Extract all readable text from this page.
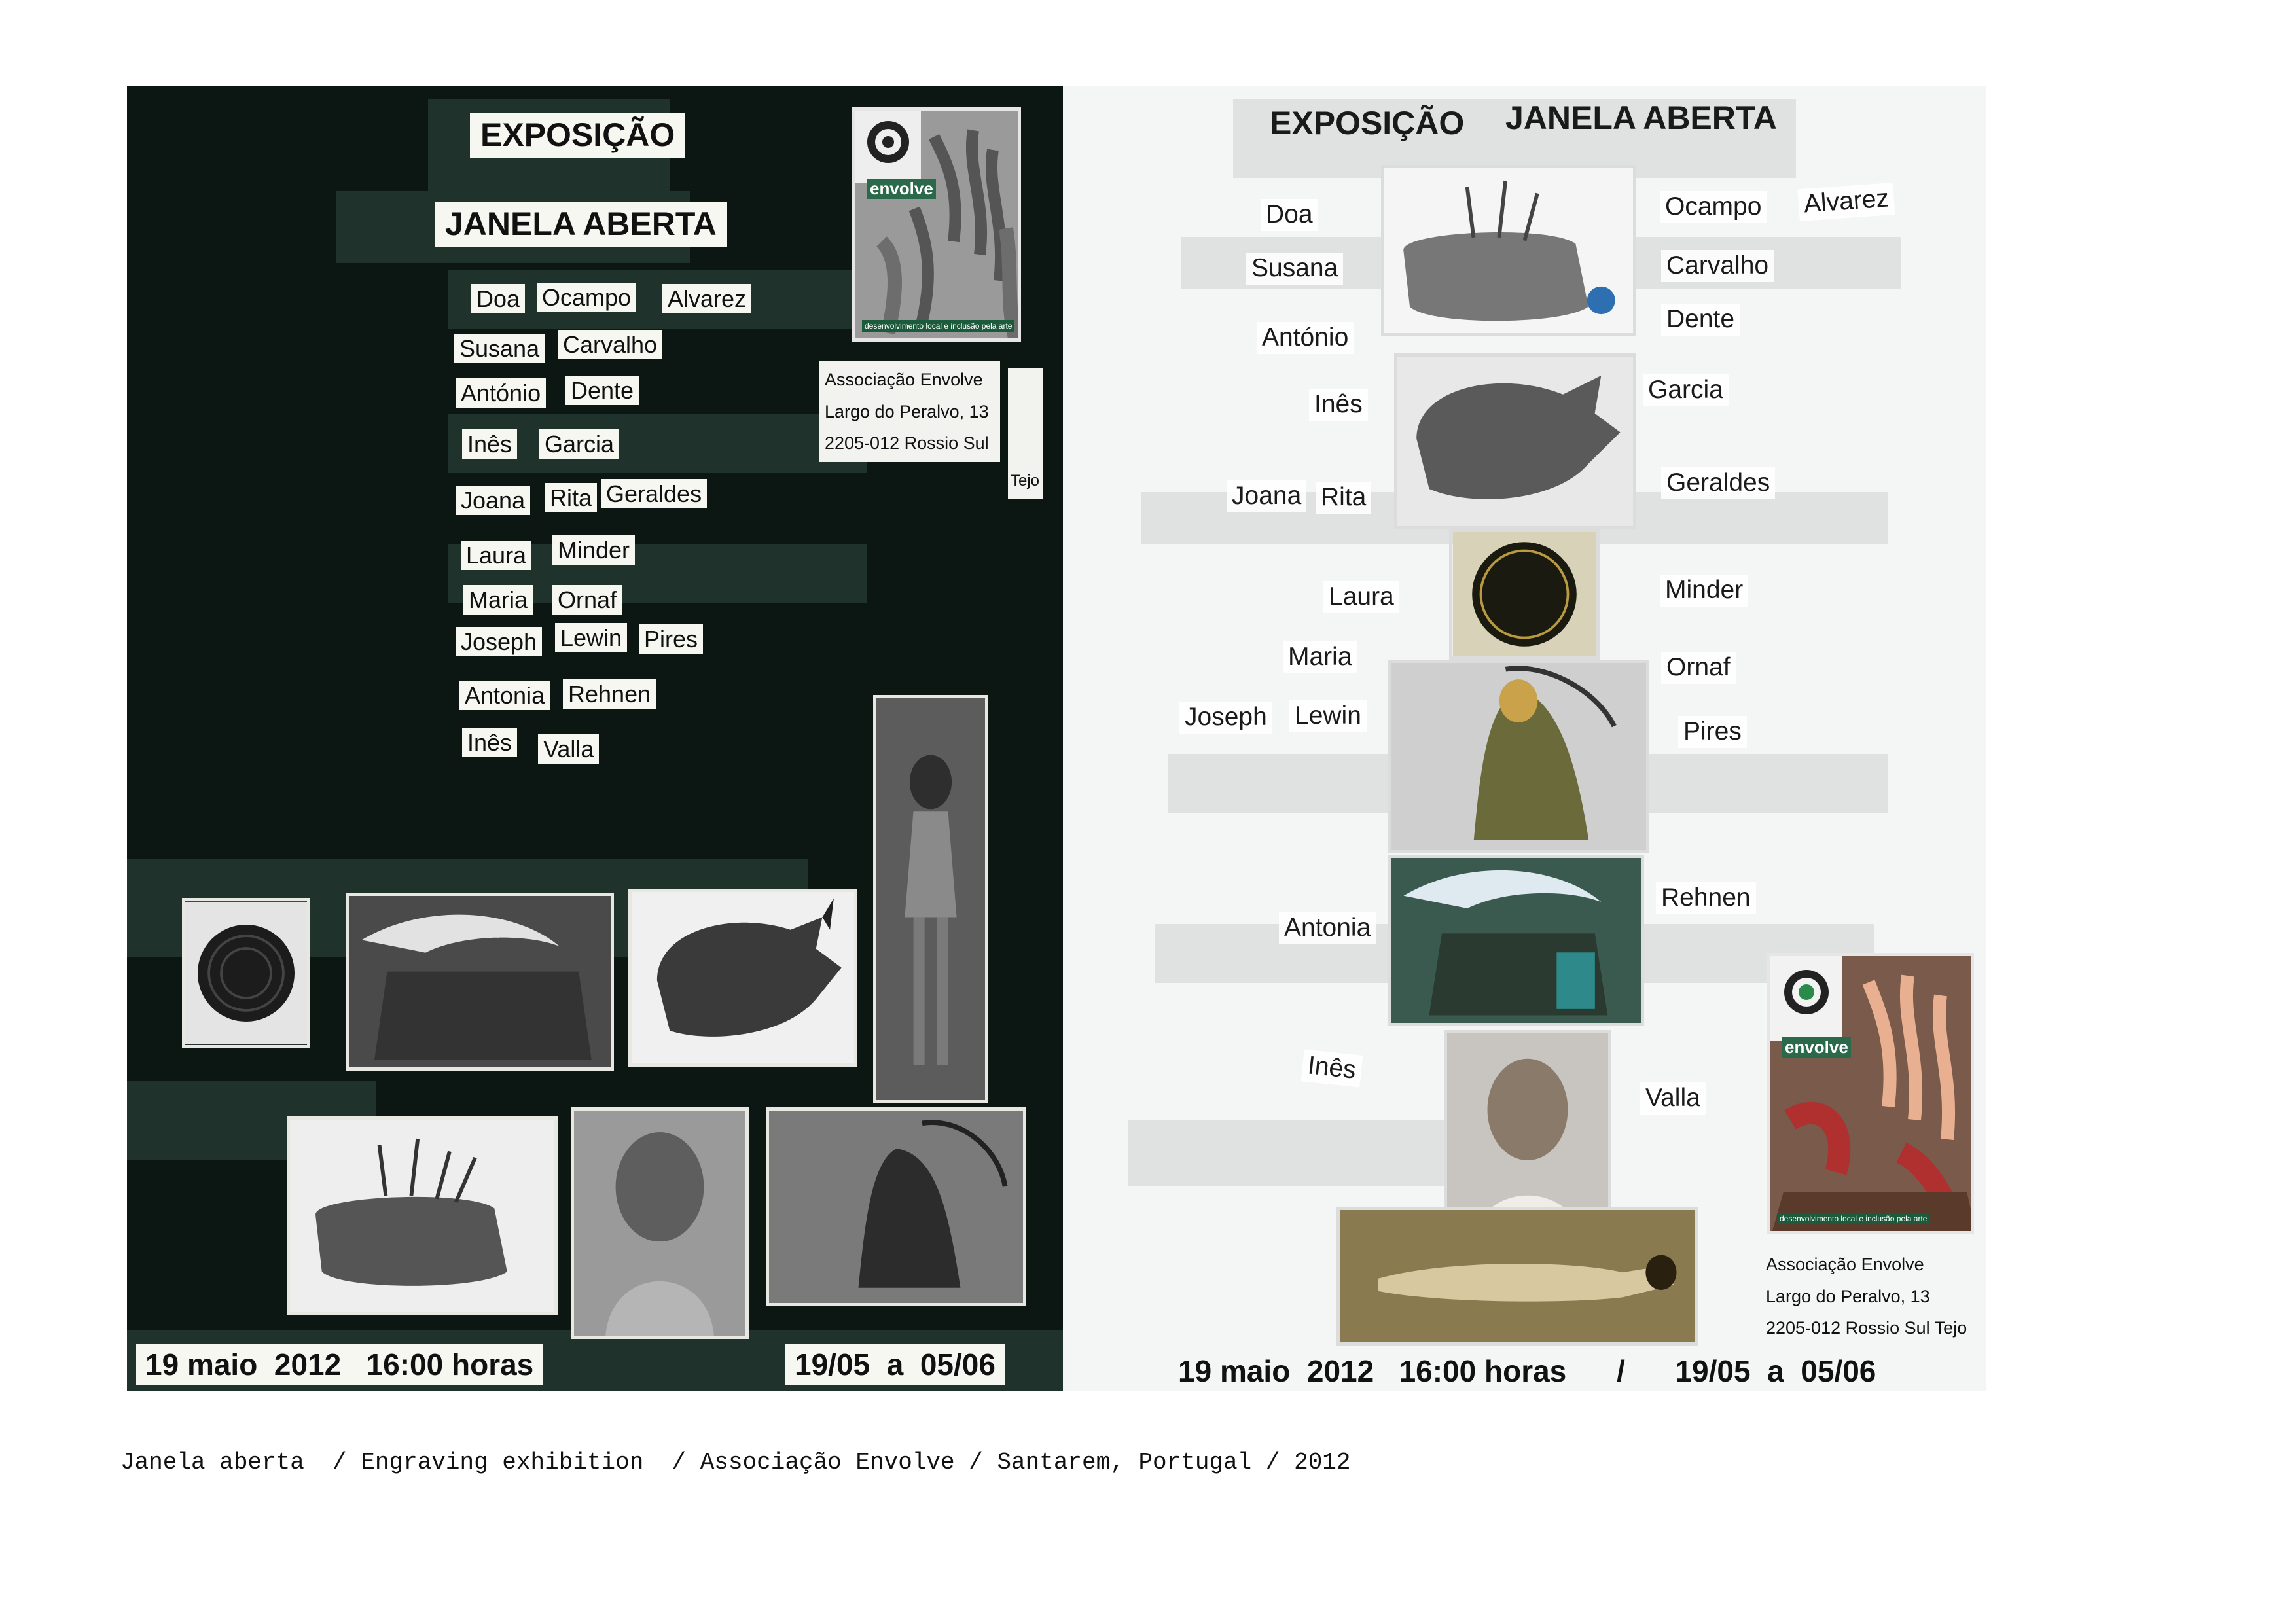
EXPOSIÇÃO
JANELA ABERTA
Doa Ocampo Alvarez
Susana Carvalho
António Dente
Inês Garcia
Joana Rita Geraldes
Laura Minder
Maria Ornaf
Joseph Lewin Pires
Antonia Rehnen
Inês Valla
envolve
desenvolvimento local e inclusão pela arte
Associação Envolve
Largo do Peralvo, 13
2205-012 Rossio Sul
Tejo
19 maio 2012 16:00 horas	19/05 a 05/06
EXPOSIÇÃO JANELA ABERTA
Doa
Susana
António
Inês
Joana Rita
Laura
Maria
Joseph Lewin
Antonia
Inês
Ocampo Alvarez
Carvalho
Dente
Garcia
Geraldes
Minder
Ornaf
Pires
Rehnen
Valla
envolve
desenvolvimento local e inclusão pela arte
Associação Envolve
Largo do Peralvo, 13
2205-012 Rossio Sul Tejo
19 maio 2012 16:00 horas / 19/05 a 05/06
Janela aberta  / Engraving exhibition  / Associação Envolve / Santarem, Portugal / 2012
